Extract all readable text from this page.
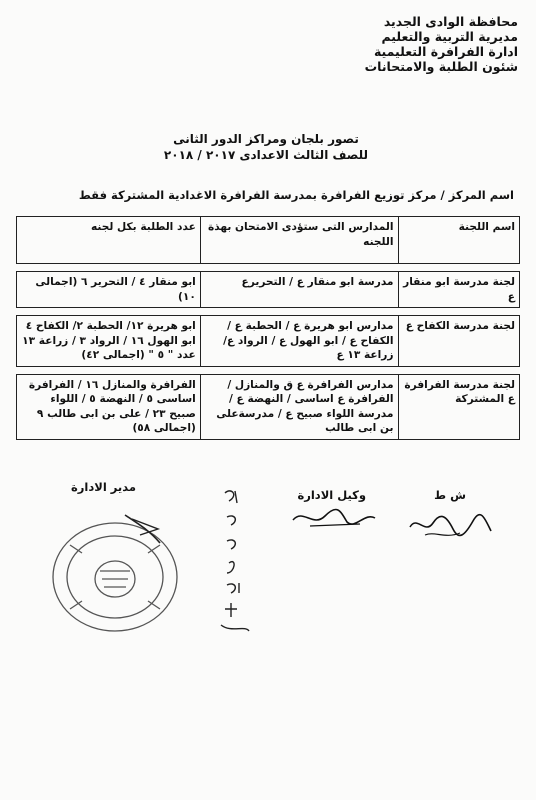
محافظة الوادى الجديد
مديرية التربية والتعليم
ادارة الفرافرة التعليمية
شئون الطلبة والامتحانات
تصور بلجان ومراكز الدور الثانى
للصف الثالث الاعدادى ٢٠١٧ / ٢٠١٨
اسم المركز / مركز توزيع الفرافرة بمدرسة الفرافرة الاغدادية المشتركة فقط
اسم اللجنة	المدارس التى ستؤدى الامتحان بهذة اللجنه	عدد الطلبة بكل لجنه

لجنة مدرسة ابو منقار ع	مدرسة ابو منقار ع / التحريرع	ابو منقار ٤ / التحرير ٦ (اجمالى ١٠)

لجنة مدرسة الكفاح ع	مدارس ابو هريرة ع / الحطبة ع / الكفاح ع / ابو الهول ع / الرواد ع/ زراعة ١٣ ع	ابو هريرة ١٢/ الحطبة ٢/ الكفاح ٤ ابو الهول ١٦ / الرواد ٣ / زراعة ١٣ عدد " ٥ " (اجمالى ٤٢)

لجنة مدرسة الفرافرة ع المشتركة	مدارس الفرافرة ع ق والمنازل / الفرافرة ع اساسى / النهضة ع / مدرسة اللواء صبيح ع / مدرسةعلى بن ابى طالب	الفرافرة والمنازل ١٦ / الفرافرة اساسى ٥ / النهضة ٥ / اللواء صبيح ٢٣ / على بن ابى طالب ٩ (اجمالى ٥٨)
ش ط
وكيل الادارة
مدير الادارة
